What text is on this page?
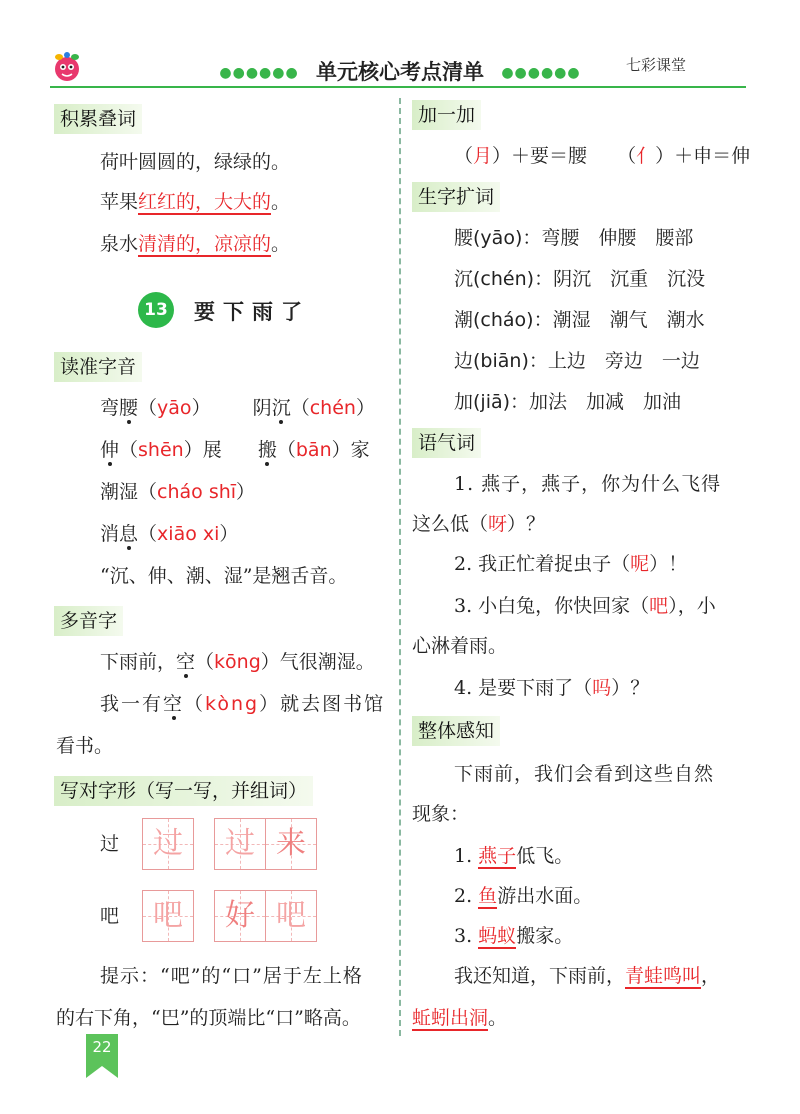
●●●●●● 单元核心考点清单 ●●●●●●	七彩课堂
积累叠词
荷叶圆圆的，绿绿的。
苹果红红的，大大的。
泉水清清的，凉凉的。
13 要下雨了
读准字音
弯腰（yāo） 阴沉（chén）
伸（shēn）展 搬（bān）家
潮湿（cháo shī）
消息（xiāo xi）
“沉、伸、潮、湿”是翘舌音。
多音字
下雨前，空（kōng）气很潮湿。
我一有空（kòng）就去图书馆
看书。
写对字形（写一写，并组词）
过	过	过 来
吧	吧	好 吧
提示：“吧”的“口”居于左上格
的右下角，“巴”的顶端比“口”略高。
22
加一加
（月）＋要＝腰 （亻）＋申＝伸
生字扩词
腰(yāo)：弯腰　伸腰　腰部
沉(chén)：阴沉　沉重　沉没
潮(cháo)：潮湿　潮气　潮水
边(biān)：上边　旁边　一边
加(jiā)：加法　加减　加油
语气词
1. 燕子，燕子，你为什么飞得
这么低（呀）？
2. 我正忙着捉虫子（呢）！
3. 小白兔，你快回家（吧），小
心淋着雨。
4. 是要下雨了（吗）？
整体感知
下雨前，我们会看到这些自然
现象：
1. 燕子低飞。
2. 鱼游出水面。
3. 蚂蚁搬家。
我还知道，下雨前，青蛙鸣叫，
蚯蚓出洞。
